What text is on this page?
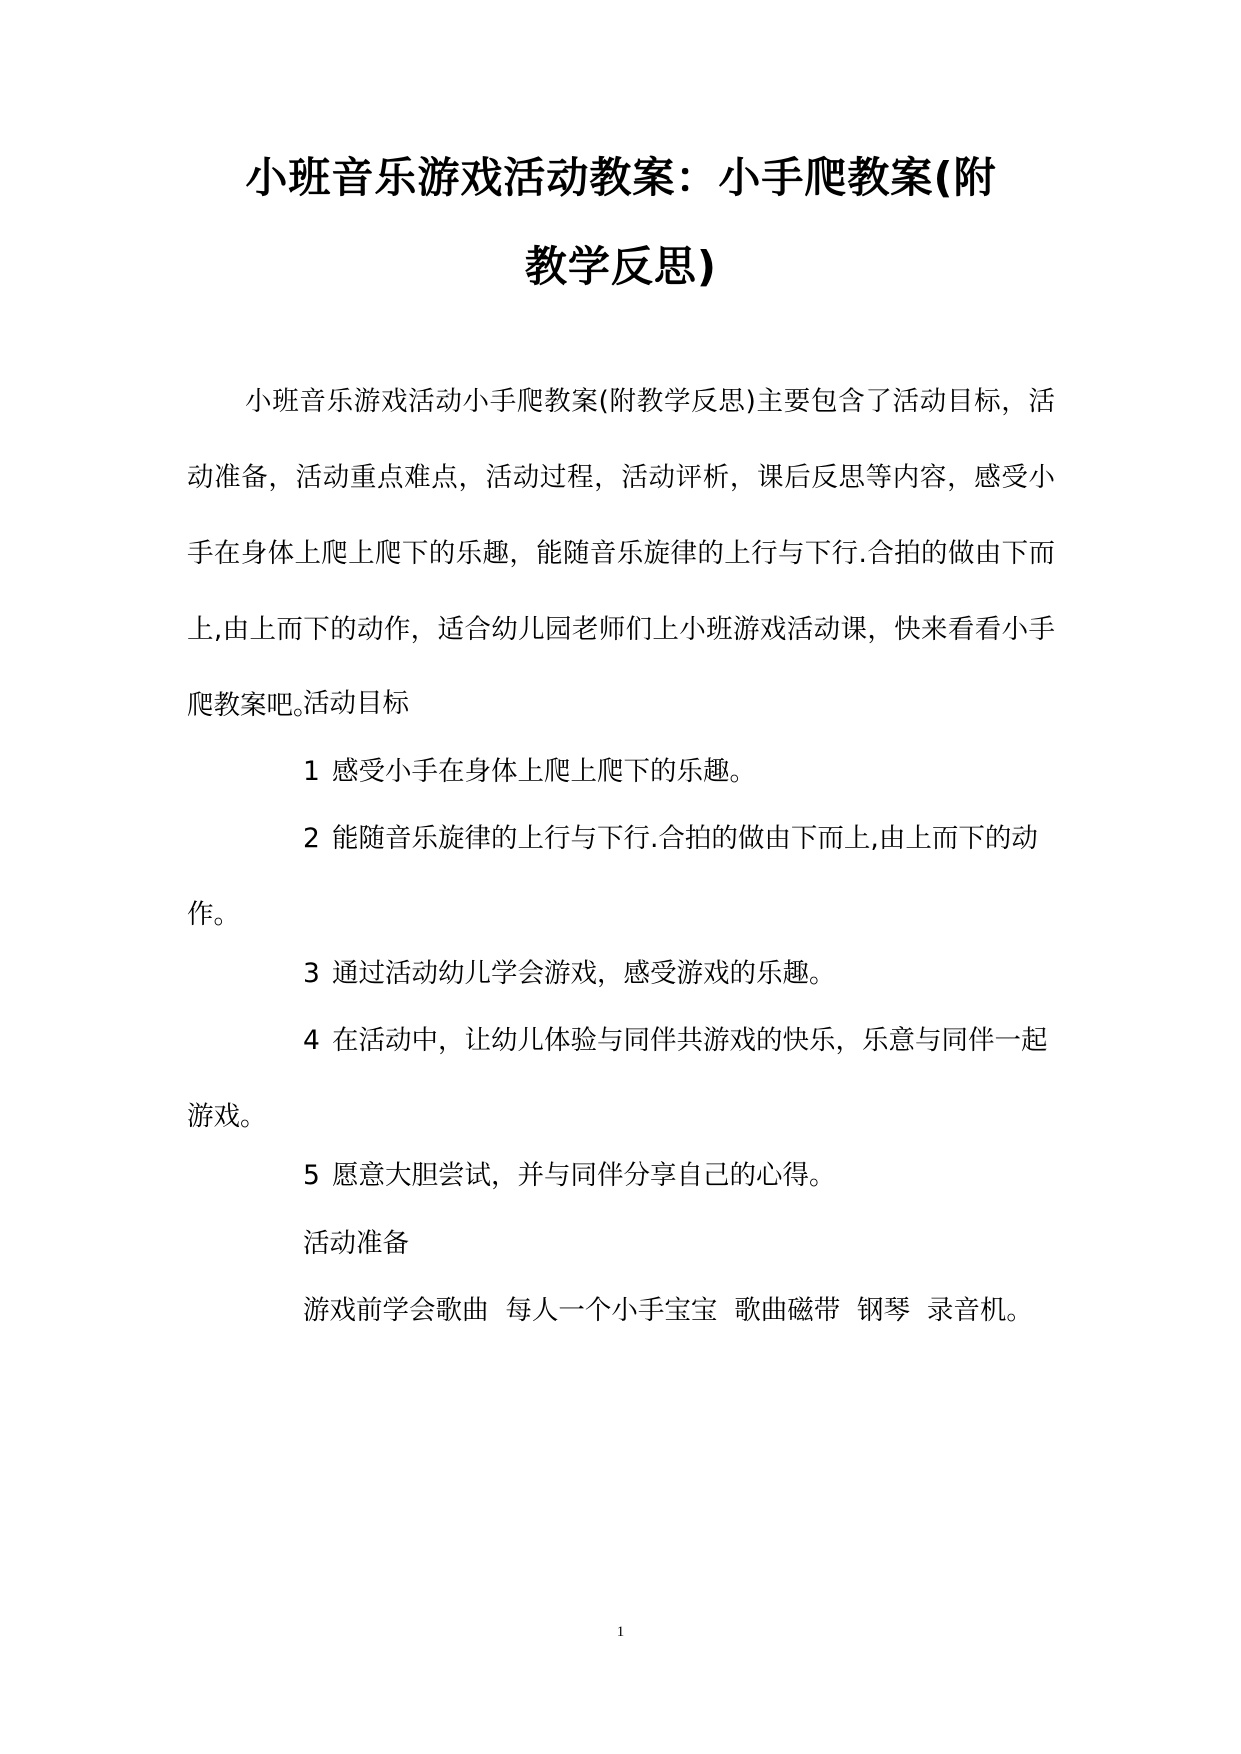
小班音乐游戏活动教案：小手爬教案(附
教学反思)

小班音乐游戏活动小手爬教案(附教学反思)主要包含了活动目标，活动准备，活动重点难点，活动过程，活动评析，课后反思等内容，感受小手在身体上爬上爬下的乐趣，能随音乐旋律的上行与下行.合拍的做由下而上,由上而下的动作，适合幼儿园老师们上小班游戏活动课，快来看看小手爬教案吧。

活动目标

1 感受小手在身体上爬上爬下的乐趣。

2 能随音乐旋律的上行与下行.合拍的做由下而上,由上而下的动作。

3 通过活动幼儿学会游戏，感受游戏的乐趣。

4 在活动中，让幼儿体验与同伴共游戏的快乐，乐意与同伴一起游戏。

5 愿意大胆尝试，并与同伴分享自己的心得。

活动准备

游戏前学会歌曲  每人一个小手宝宝  歌曲磁带  钢琴  录音机。

1
